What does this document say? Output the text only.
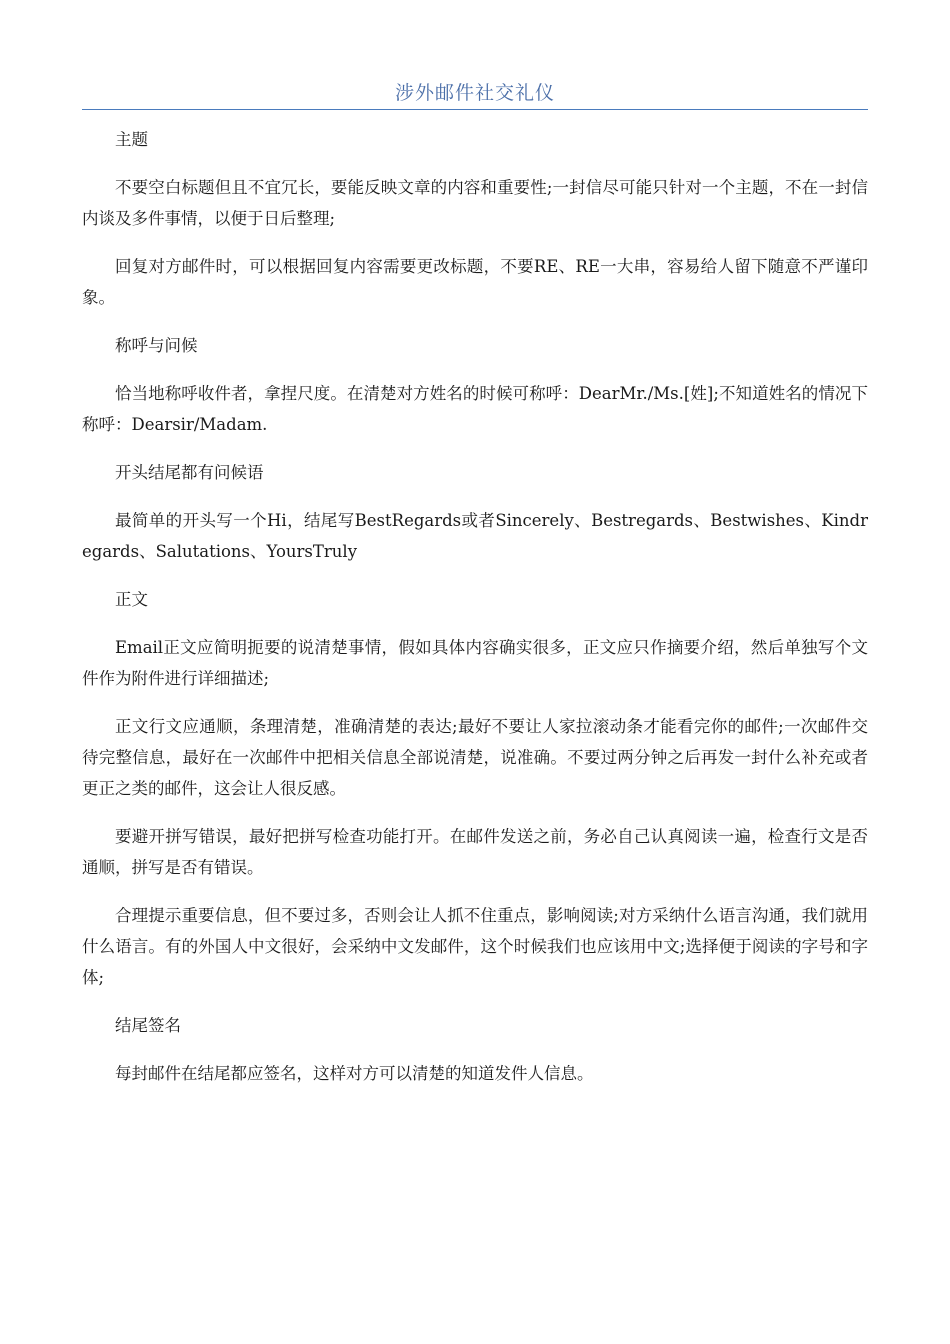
涉外邮件社交礼仪
主题
不要空白标题但且不宜冗长，要能反映文章的内容和重要性;一封信尽可能只针对一个主题，不在一封信内谈及多件事情，以便于日后整理;
回复对方邮件时，可以根据回复内容需要更改标题，不要RE、RE一大串，容易给人留下随意不严谨印象。
称呼与问候
恰当地称呼收件者，拿捏尺度。在清楚对方姓名的时候可称呼：DearMr./Ms.[姓];不知道姓名的情况下称呼：Dearsir/Madam.
开头结尾都有问候语
最简单的开头写一个Hi，结尾写BestRegards或者Sincerely、Bestregards、Bestwishes、Kindregards、Salutations、YoursTruly
正文
Email正文应简明扼要的说清楚事情，假如具体内容确实很多，正文应只作摘要介绍，然后单独写个文件作为附件进行详细描述;
正文行文应通顺，条理清楚，准确清楚的表达;最好不要让人家拉滚动条才能看完你的邮件;一次邮件交待完整信息，最好在一次邮件中把相关信息全部说清楚，说准确。不要过两分钟之后再发一封什么补充或者更正之类的邮件，这会让人很反感。
要避开拼写错误，最好把拼写检查功能打开。在邮件发送之前，务必自己认真阅读一遍，检查行文是否通顺，拼写是否有错误。
合理提示重要信息，但不要过多，否则会让人抓不住重点，影响阅读;对方采纳什么语言沟通，我们就用什么语言。有的外国人中文很好，会采纳中文发邮件，这个时候我们也应该用中文;选择便于阅读的字号和字体;
结尾签名
每封邮件在结尾都应签名，这样对方可以清楚的知道发件人信息。
